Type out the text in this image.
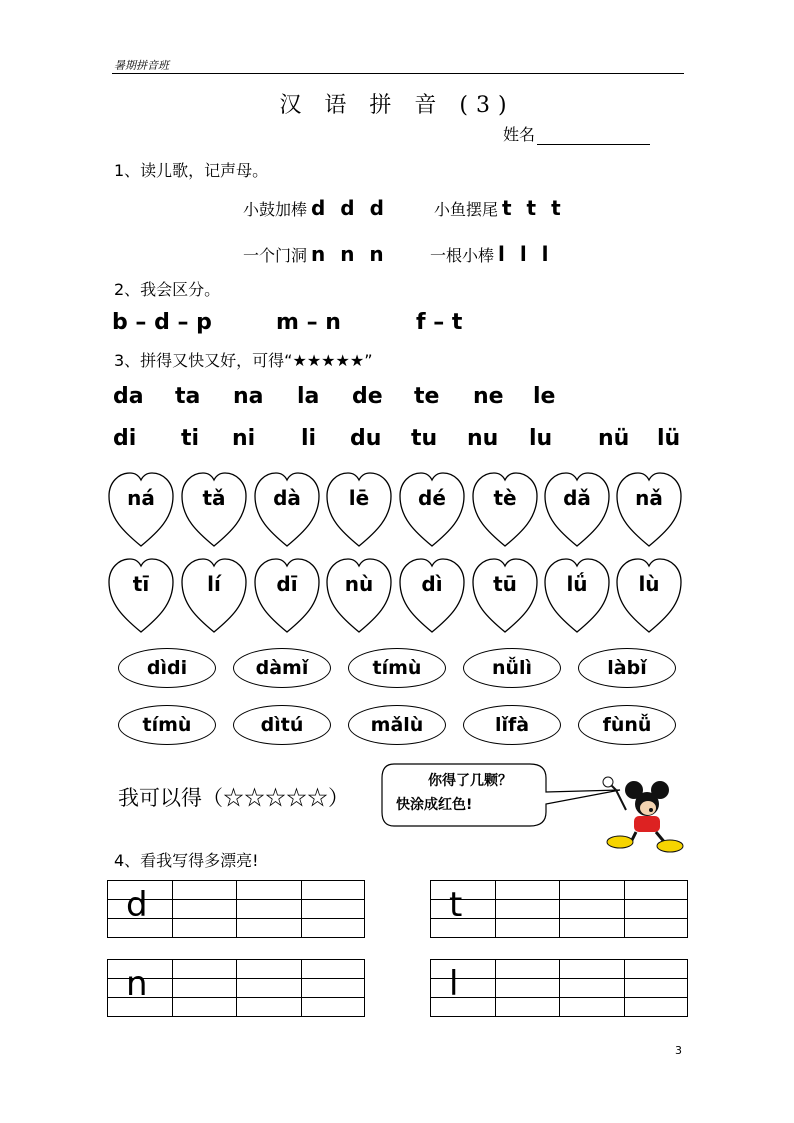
暑期拼音班
汉 语 拼 音 (3)
姓名
1、读儿歌，记声母。
小鼓加棒 d d d	小鱼摆尾 t t t
一个门洞 n n n	一根小棒 l l l
2、我会区分。
b – d – p	m – n	f – t
3、拼得又快又好，可得“★★★★★”
da ta na la de te ne le
di ti ni li du tu nu lu nü lü
ná	tǎ	dà	lē	dé	tè	dǎ	nǎ
tī	lí	dī	nù	dì	tū	lǘ	lù
dìdi	dàmǐ	tímù	nǚlì	làbǐ
tímù	dìtú	mǎlù	lǐfà	fùnǚ
我可以得（☆☆☆☆☆）
你得了几颗？
快涂成红色!
4、看我写得多漂亮!
d	t
n	l
3
